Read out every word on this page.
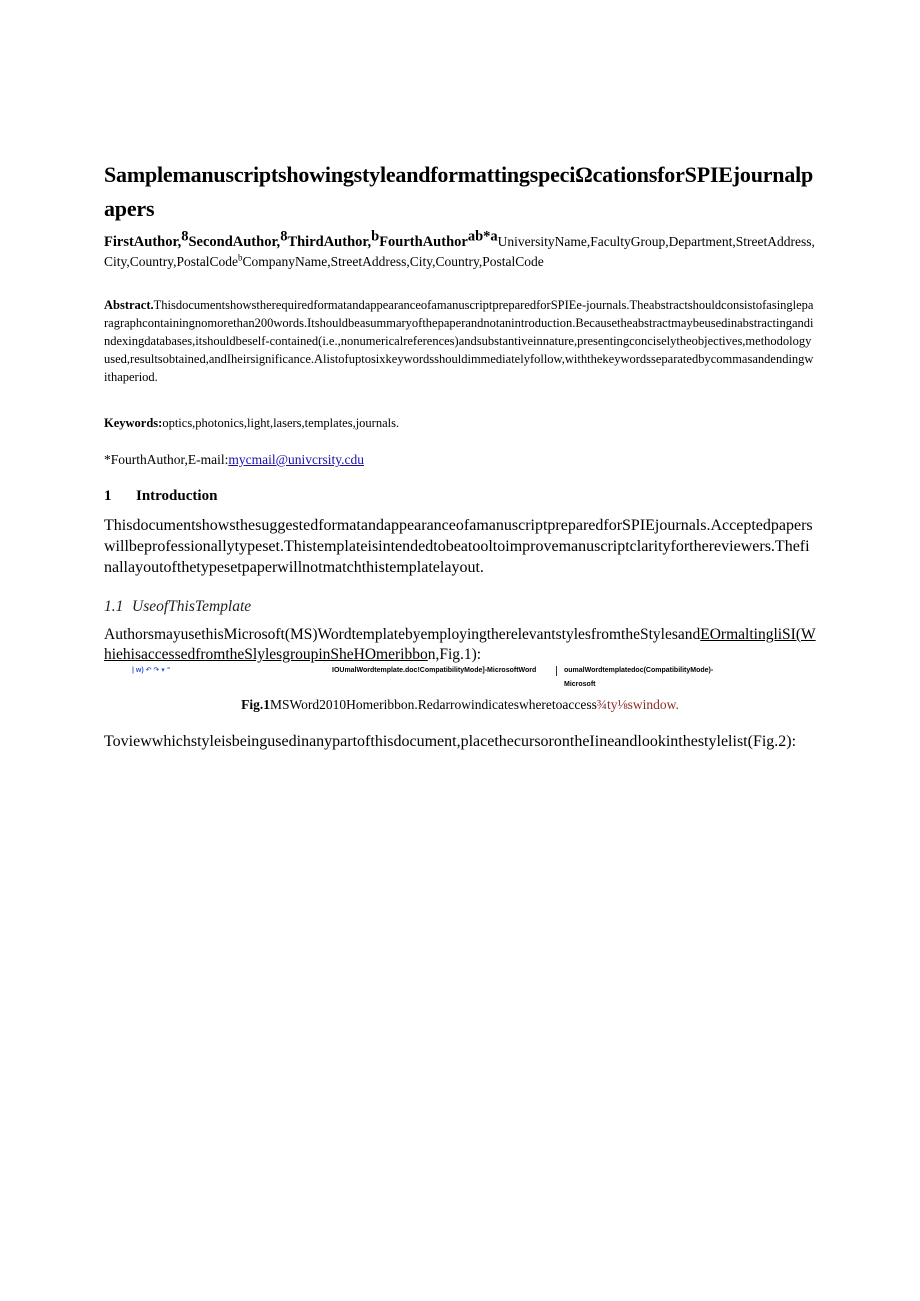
SamplemanuscriptshowingstyleandformattingspeciΩcationsforSPIEjournalpapers
FirstAuthor,$^8$SecondAuthor,$^8$ThirdAuthor,$^b$FourthAuthor$^{ab*a}$UniversityName,FacultyGroup,Department,StreetAddress,City,Country,PostalCode$^b$CompanyName,StreetAddress,City,Country,PostalCode
Abstract.ThisdocumentshowstherequiredformatandappearanceofamanuscriptpreparedforSPIEe-journals.Theabstractshouldconsistofasingleparagraphcontainingnomorethan200words.Itshouldbeasummaryofthepaperandnotanintroduction.Becausetheabstractmaybeusedinabstractingandindexingdatabases,itshouldbeself-contained(i.e.,nonumericalreferences)andsubstantiveinnature,presentingconciselytheobjectives,methodologyused,resultsobtained,andIheirsignificance.Alistofuptosixkeywordsshouldimmediatelyfollow,withthekeywordsseparatedbycommasandendingwithaperiod.
Keywords:optics,photonics,light,lasers,templates,journals.
*FourthAuthor,E-mail:mycmail@univcrsity.cdu
1 Introduction
ThisdocumentshowsthesuggestedformatandappearanceofamanuscriptpreparedforSPIEjournals.Acceptedpaperswillbeprofessionallytypeset.Thistemplateisintendedtobeatooltoimprovemanuscriptclarityforthereviewers.Thefinallayoutofthetypesetpaperwillnotmatchthistemplatelayout.
1.1 UseofThisTemplate
AuthorsmayusethisMicrosoft(MS)WordtemplatebyemployingtherelevantstylesfromtheStylesandEOrmaltingliSI(WhiehisaccessedfromtheSlylesgroupinSheHOmeribbon,Fig.1):
| w) ↶ ↷ ▾ ⁼	IOUmalWordtemplate.doc!CompatibilityMode]-MicrosoftWord	oumalWordtemplatedoc(CompatibilityMode)-Microsoft
Fig.1MSWord2010Homeribbon.Redarrowindicateswheretoaccess¾ty⅛swindow.
Toviewwhichstyleisbeingusedinanypartofthisdocument,placethecursorontheIineandlookinthestylelist(Fig.2):
